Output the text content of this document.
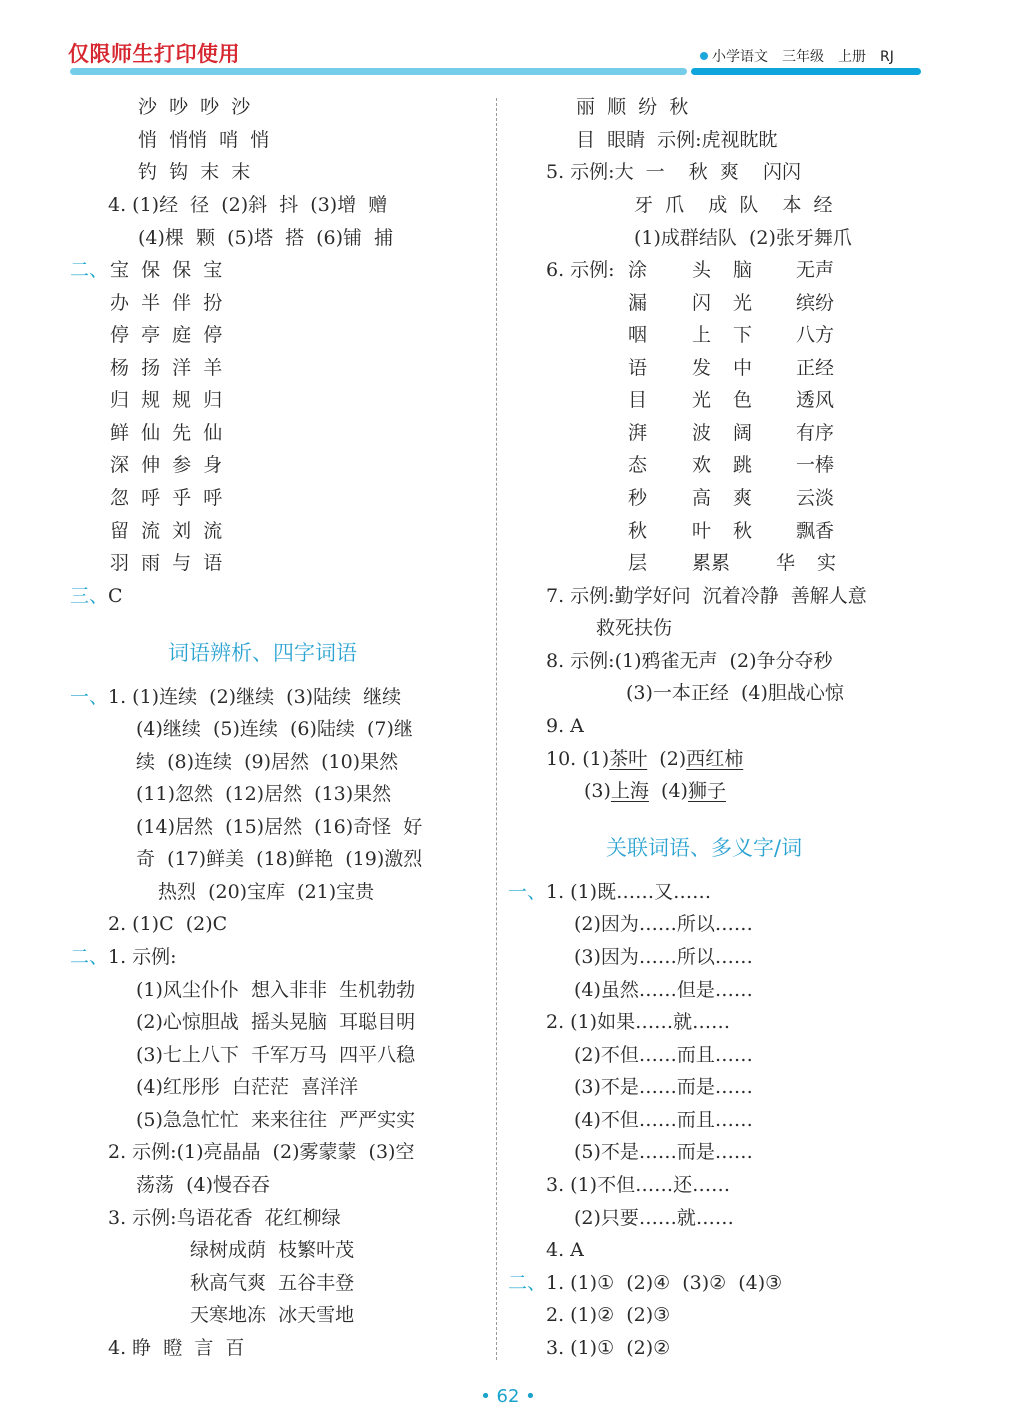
仅限师生打印使用	小学语文 三年级 上册 RJ
沙  吵  吵  沙
悄  悄悄  哨  悄
钓  钩  末  末
4. (1)经  径  (2)斜  抖  (3)增  赠
(4)棵  颗  (5)塔  搭  (6)铺  捕
二、 宝  保  保  宝
办  半  伴  扮
停  亭  庭  停
杨  扬  洋  羊
归  规  规  归
鲜  仙  先  仙
深  伸  参  身
忽  呼  乎  呼
留  流  刘  流
羽  雨  与  语
三、 C
词语辨析、四字词语
一、 1. (1)连续  (2)继续  (3)陆续  继续
(4)继续  (5)连续  (6)陆续  (7)继
续  (8)连续  (9)居然  (10)果然
(11)忽然  (12)居然  (13)果然
(14)居然  (15)居然  (16)奇怪  好
奇  (17)鲜美  (18)鲜艳  (19)激烈
热烈  (20)宝库  (21)宝贵
2. (1)C  (2)C
二、 1. 示例:
(1)风尘仆仆  想入非非  生机勃勃
(2)心惊胆战  摇头晃脑  耳聪目明
(3)七上八下  千军万马  四平八稳
(4)红彤彤  白茫茫  喜洋洋
(5)急急忙忙  来来往往  严严实实
2. 示例:(1)亮晶晶  (2)雾蒙蒙  (3)空
荡荡  (4)慢吞吞
3. 示例:鸟语花香  花红柳绿
绿树成荫  枝繁叶茂
秋高气爽  五谷丰登
天寒地冻  冰天雪地
4. 睁  瞪  言  百
丽  顺  纷  秋
目  眼睛  示例:虎视眈眈
5. 示例:大  一    秋  爽    闪闪
牙  爪    成  队    本  经
(1)成群结队  (2)张牙舞爪
6. 示例: 涂 头 脑 无声
漏 闪 光 缤纷
咽 上 下 八方
语 发 中 正经
目 光 色 透风
湃 波 阔 有序
态 欢 跳 一棒
秒 高 爽 云淡
秋 叶 秋 飘香
层 累累 华 实
7. 示例:勤学好问  沉着冷静  善解人意
救死扶伤
8. 示例:(1)鸦雀无声  (2)争分夺秒
(3)一本正经  (4)胆战心惊
9. A
10. (1)茶叶 (2)西红柿
(3)上海 (4)狮子
关联词语、多义字/词
一、 1. (1)既……又……
(2)因为……所以……
(3)因为……所以……
(4)虽然……但是……
2. (1)如果……就……
(2)不但……而且……
(3)不是……而是……
(4)不但……而且……
(5)不是……而是……
3. (1)不但……还……
(2)只要……就……
4. A
二、 1. (1)①  (2)④  (3)②  (4)③
2. (1)②  (2)③
3. (1)①  (2)②
• 62 •
